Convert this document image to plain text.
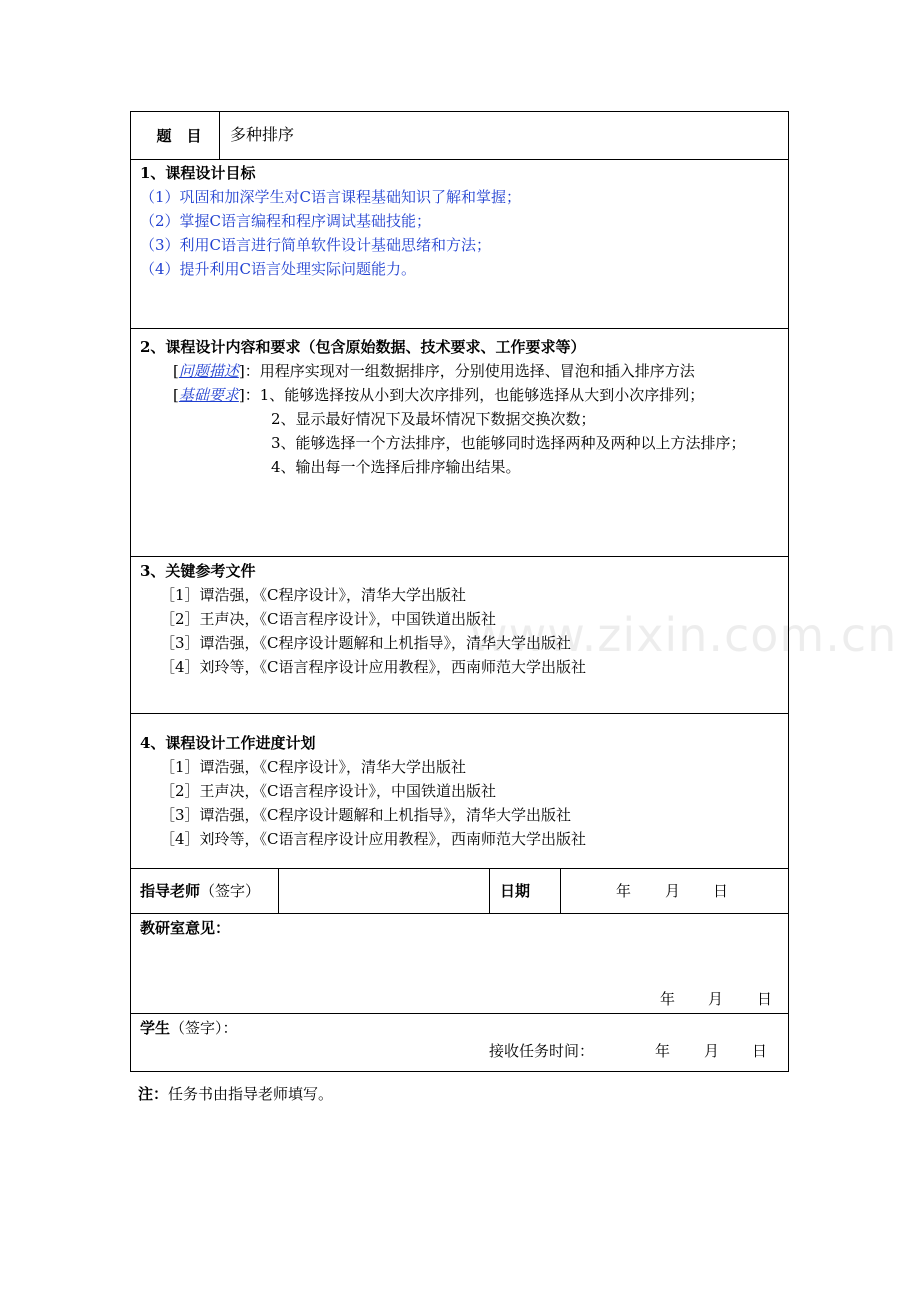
题　目	多种排序
1、课程设计目标
（1）巩固和加深学生对C语言课程基础知识了解和掌握；
（2）掌握C语言编程和程序调试基础技能；
（3）利用C语言进行简单软件设计基础思绪和方法；
（4）提升利用C语言处理实际问题能力。
2、课程设计内容和要求（包含原始数据、技术要求、工作要求等）
[问题描述]：用程序实现对一组数据排序，分别使用选择、冒泡和插入排序方法
[基础要求]：1、能够选择按从小到大次序排列，也能够选择从大到小次序排列；
2、显示最好情况下及最坏情况下数据交换次数；
3、能够选择一个方法排序，也能够同时选择两种及两种以上方法排序；
4、输出每一个选择后排序输出结果。
3、关键参考文件
［1］谭浩强，《C程序设计》，清华大学出版社
［2］王声决，《C语言程序设计》，中国铁道出版社
［3］谭浩强，《C程序设计题解和上机指导》，清华大学出版社
［4］刘玲等，《C语言程序设计应用教程》，西南师范大学出版社
4、课程设计工作进度计划
［1］谭浩强，《C程序设计》，清华大学出版社
［2］王声决，《C语言程序设计》，中国铁道出版社
［3］谭浩强，《C程序设计题解和上机指导》，清华大学出版社
［4］刘玲等，《C语言程序设计应用教程》，西南师范大学出版社
指导老师（签字）	日期	年 月 日
教研室意见：
年 月 日
学生（签字）：
接收任务时间：	年 月 日
注：任务书由指导老师填写。
www.zixin.com.cn
